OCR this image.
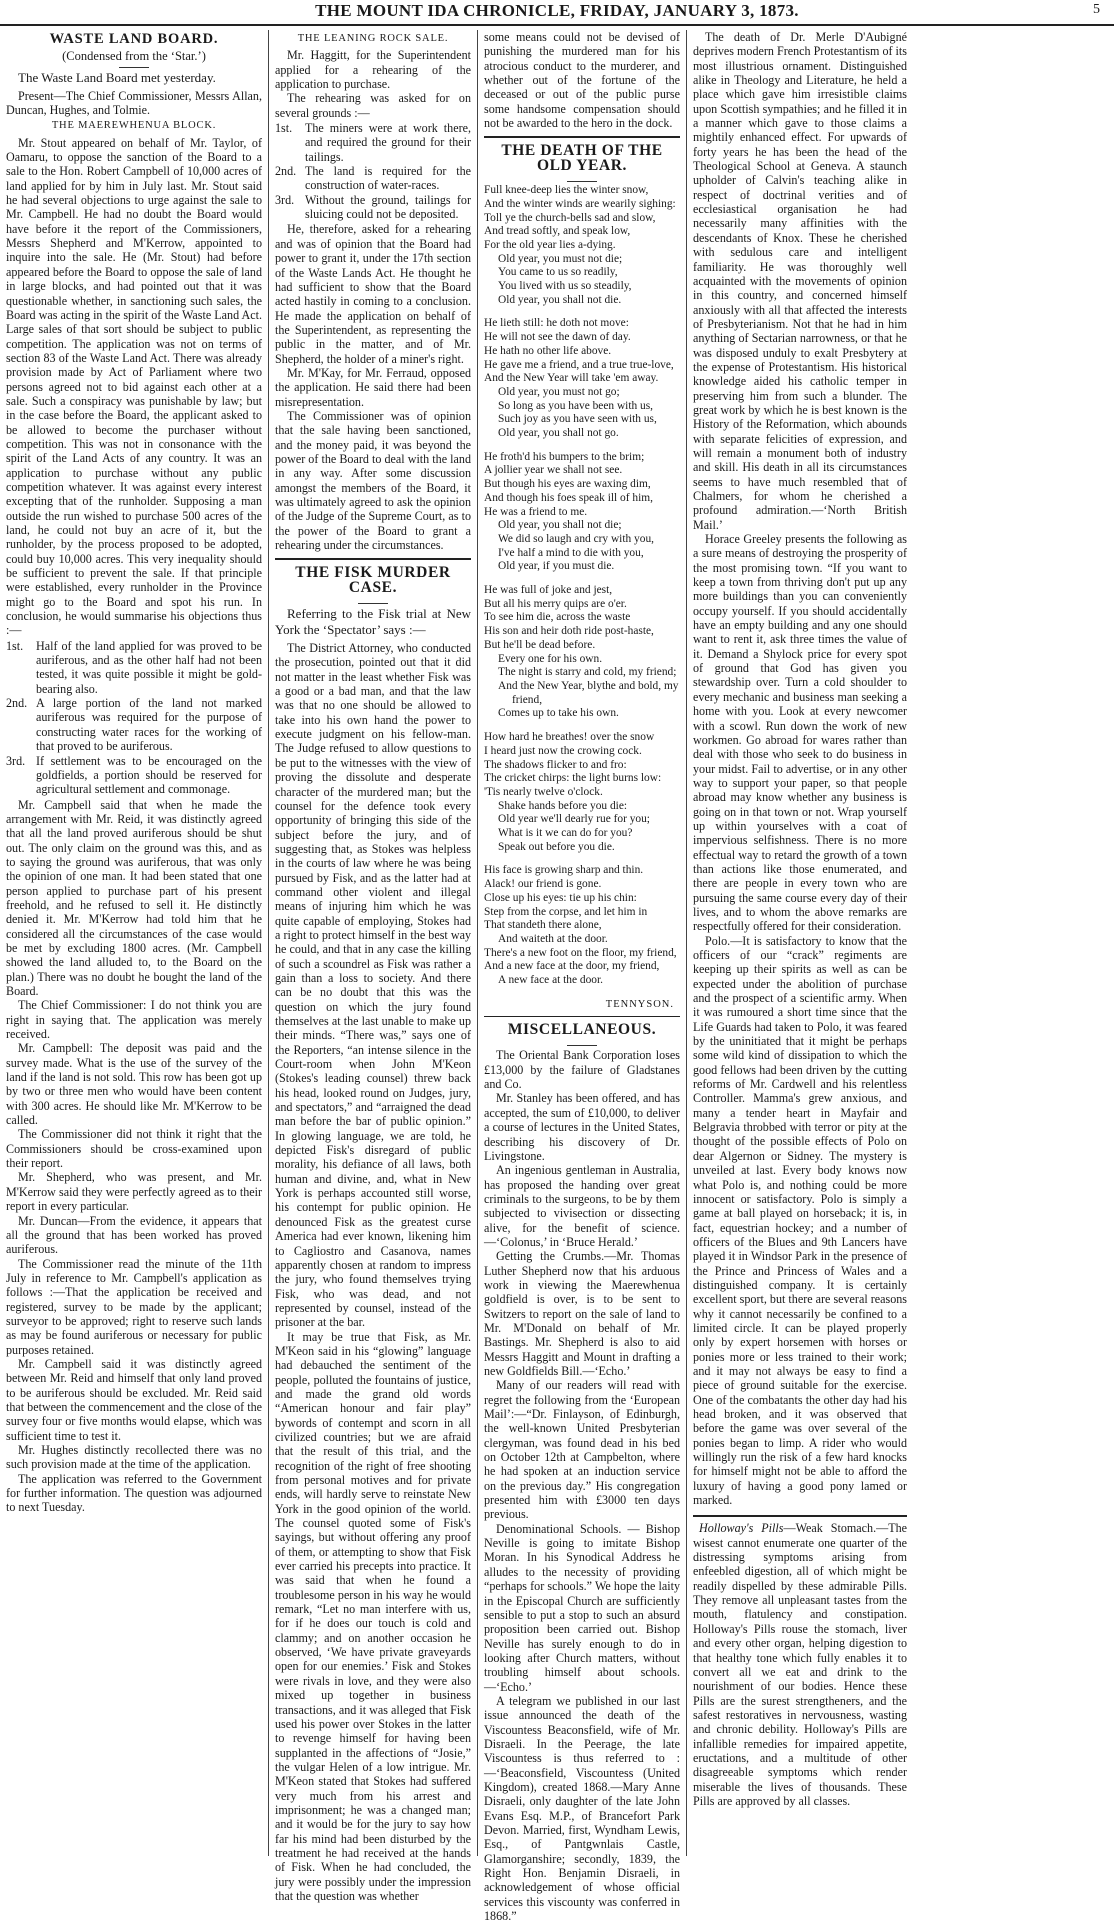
THE MOUNT IDA CHRONICLE, FRIDAY, JANUARY 3, 1873.	5
WASTE LAND BOARD.
(Condensed from the ‘Star.’)

The Waste Land Board met yesterday.

Present—The Chief Commissioner, Messrs Allan, Duncan, Hughes, and Tolmie.

THE MAEREWHENUA BLOCK.

Mr. Stout appeared on behalf of Mr. Taylor, of Oamaru, to oppose the sanction of the Board to a sale to the Hon. Robert Campbell of 10,000 acres of land applied for by him in July last. Mr. Stout said he had several objections to urge against the sale to Mr. Campbell. He had no doubt the Board would have before it the report of the Commissioners, Messrs Shepherd and M'Kerrow, appointed to inquire into the sale. He (Mr. Stout) had before appeared before the Board to oppose the sale of land in large blocks, and had pointed out that it was questionable whether, in sanctioning such sales, the Board was acting in the spirit of the Waste Land Act. Large sales of that sort should be subject to public competition. The application was not on terms of section 83 of the Waste Land Act. There was already provision made by Act of Parliament where two persons agreed not to bid against each other at a sale. Such a conspiracy was punishable by law; but in the case before the Board, the applicant asked to be allowed to become the purchaser without competition. This was not in consonance with the spirit of the Land Acts of any country. It was an application to purchase without any public competition whatever. It was against every interest excepting that of the runholder. Supposing a man outside the run wished to purchase 500 acres of the land, he could not buy an acre of it, but the runholder, by the process proposed to be adopted, could buy 10,000 acres. This very inequality should be sufficient to prevent the sale. If that principle were established, every runholder in the Province might go to the Board and spot his run. In conclusion, he would summarise his objections thus :—

1st. Half of the land applied for was proved to be auriferous, and as the other half had not been tested, it was quite possible it might be gold-bearing also.
2nd. A large portion of the land not marked auriferous was required for the purpose of constructing water races for the working of that proved to be auriferous.
3rd. If settlement was to be encouraged on the goldfields, a portion should be reserved for agricultural settlement and commonage.

Mr. Campbell said that when he made the arrangement with Mr. Reid, it was distinctly agreed that all the land proved auriferous should be shut out. The only claim on the ground was this, and as to saying the ground was auriferous, that was only the opinion of one man. It had been stated that one person applied to purchase part of his present freehold, and he refused to sell it. He distinctly denied it. Mr. M'Kerrow had told him that he considered all the circumstances of the case would be met by excluding 1800 acres. (Mr. Campbell showed the land alluded to, to the Board on the plan.) There was no doubt he bought the land of the Board.

The Chief Commissioner: I do not think you are right in saying that. The application was merely received.

Mr. Campbell: The deposit was paid and the survey made. What is the use of the survey of the land if the land is not sold. This row has been got up by two or three men who would have been content with 300 acres. He should like Mr. M'Kerrow to be called.

The Commissioner did not think it right that the Commissioners should be cross-examined upon their report.

Mr. Shepherd, who was present, and Mr. M'Kerrow said they were perfectly agreed as to their report in every particular.

Mr. Duncan—From the evidence, it appears that all the ground that has been worked has proved auriferous.

The Commissioner read the minute of the 11th July in reference to Mr. Campbell's application as follows :—That the application be received and registered, survey to be made by the applicant; surveyor to be approved; right to reserve such lands as may be found auriferous or necessary for public purposes retained.

Mr. Campbell said it was distinctly agreed between Mr. Reid and himself that only land proved to be auriferous should be excluded. Mr. Reid said that between the commencement and the close of the survey four or five months would elapse, which was sufficient time to test it.

Mr. Hughes distinctly recollected there was no such provision made at the time of the application.

The application was referred to the Government for further information. The question was adjourned to next Tuesday.

THE LEANING ROCK SALE.

Mr. Haggitt, for the Superintendent applied for a rehearing of the application to purchase.

The rehearing was asked for on several grounds :—

1st. The miners were at work there, and required the ground for their tailings.
2nd. The land is required for the construction of water-races.
3rd. Without the ground, tailings for sluicing could not be deposited.

He, therefore, asked for a rehearing and was of opinion that the Board had power to grant it, under the 17th section of the Waste Lands Act. He thought he had sufficient to show that the Board acted hastily in coming to a conclusion. He made the application on behalf of the Superintendent, as representing the public in the matter, and of Mr. Shepherd, the holder of a miner's right.

Mr. M'Kay, for Mr. Ferraud, opposed the application. He said there had been misrepresentation.

The Commissioner was of opinion that the sale having been sanctioned, and the money paid, it was beyond the power of the Board to deal with the land in any way. After some discussion amongst the members of the Board, it was ultimately agreed to ask the opinion of the Judge of the Supreme Court, as to the power of the Board to grant a rehearing under the circumstances.

THE FISK MURDER CASE.

Referring to the Fisk trial at New York the ‘Spectator’ says :—

The District Attorney, who conducted the prosecution, pointed out that it did not matter in the least whether Fisk was a good or a bad man, and that the law was that no one should be allowed to take into his own hand the power to execute judgment on his fellow-man. The Judge refused to allow questions to be put to the witnesses with the view of proving the dissolute and desperate character of the murdered man; but the counsel for the defence took every opportunity of bringing this side of the subject before the jury, and of suggesting that, as Stokes was helpless in the courts of law where he was being pursued by Fisk, and as the latter had at command other violent and illegal means of injuring him which he was quite capable of employing, Stokes had a right to protect himself in the best way he could, and that in any case the killing of such a scoundrel as Fisk was rather a gain than a loss to society. And there can be no doubt that this was the question on which the jury found themselves at the last unable to make up their minds. “There was,” says one of the Reporters, “an intense silence in the Court-room when John M'Keon (Stokes's leading counsel) threw back his head, looked round on Judges, jury, and spectators,” and “arraigned the dead man before the bar of public opinion.” In glowing language, we are told, he depicted Fisk's disregard of public morality, his defiance of all laws, both human and divine, and, what in New York is perhaps accounted still worse, his contempt for public opinion. He denounced Fisk as the greatest curse America had ever known, likening him to Cagliostro and Casanova, names apparently chosen at random to impress the jury, who found themselves trying Fisk, who was dead, and not represented by counsel, instead of the prisoner at the bar.

It may be true that Fisk, as Mr. M'Keon said in his “glowing” language had debauched the sentiment of the people, polluted the fountains of justice, and made the grand old words “American honour and fair play” bywords of contempt and scorn in all civilized countries; but we are afraid that the result of this trial, and the recognition of the right of free shooting from personal motives and for private ends, will hardly serve to reinstate New York in the good opinion of the world. The counsel quoted some of Fisk's sayings, but without offering any proof of them, or attempting to show that Fisk ever carried his precepts into practice. It was said that when he found a troublesome person in his way he would remark, “Let no man interfere with us, for if he does our touch is cold and clammy; and on another occasion he observed, ‘We have private graveyards open for our enemies.’ Fisk and Stokes were rivals in love, and they were also mixed up together in business transactions, and it was alleged that Fisk used his power over Stokes in the latter to revenge himself for having been supplanted in the affections of “Josie,” the vulgar Helen of a low intrigue. Mr. M'Keon stated that Stokes had suffered very much from his arrest and imprisonment; he was a changed man; and it would be for the jury to say how far his mind had been disturbed by the treatment he had received at the hands of Fisk. When he had concluded, the jury were possibly under the impression that the question was whether

some means could not be devised of punishing the murdered man for his atrocious conduct to the murderer, and whether out of the fortune of the deceased or out of the public purse some handsome compensation should not be awarded to the hero in the dock.

THE DEATH OF THE OLD YEAR.
Full knee-deep lies the winter snow,
And the winter winds are wearily sighing:
Toll ye the church-bells sad and slow,
And tread softly, and speak low,
For the old year lies a-dying.
Old year, you must not die;
You came to us so readily,
You lived with us so steadily,
Old year, you shall not die.
He lieth still: he doth not move:
He will not see the dawn of day.
He hath no other life above.
He gave me a friend, and a true true-love,
And the New Year will take 'em away.
Old year, you must not go;
So long as you have been with us,
Such joy as you have seen with us,
Old year, you shall not go.
He froth'd his bumpers to the brim;
A jollier year we shall not see.
But though his eyes are waxing dim,
And though his foes speak ill of him,
He was a friend to me.
Old year, you shall not die;
We did so laugh and cry with you,
I've half a mind to die with you,
Old year, if you must die.
He was full of joke and jest,
But all his merry quips are o'er.
To see him die, across the waste
His son and heir doth ride post-haste,
But he'll be dead before.
Every one for his own.
The night is starry and cold, my friend;
And the New Year, blythe and bold, my
friend,
Comes up to take his own.
How hard he breathes! over the snow
I heard just now the crowing cock.
The shadows flicker to and fro:
The cricket chirps: the light burns low:
'Tis nearly twelve o'clock.
Shake hands before you die:
Old year we'll dearly rue for you;
What is it we can do for you?
Speak out before you die.
His face is growing sharp and thin.
Alack! our friend is gone.
Close up his eyes: tie up his chin:
Step from the corpse, and let him in
That standeth there alone,
And waiteth at the door.
There's a new foot on the floor, my friend,
And a new face at the door, my friend,
A new face at the door.
TENNYSON.
MISCELLANEOUS.

The Oriental Bank Corporation loses £13,000 by the failure of Gladstanes and Co.

Mr. Stanley has been offered, and has accepted, the sum of £10,000, to deliver a course of lectures in the United States, describing his discovery of Dr. Livingstone.

An ingenious gentleman in Australia, has proposed the handing over great criminals to the surgeons, to be by them subjected to vivisection or dissecting alive, for the benefit of science.—‘Colonus,’ in ‘Bruce Herald.’

Getting the Crumbs.—Mr. Thomas Luther Shepherd now that his arduous work in viewing the Maerewhenua goldfield is over, is to be sent to Switzers to report on the sale of land to Mr. M'Donald on behalf of Mr. Bastings. Mr. Shepherd is also to aid Messrs Haggitt and Mount in drafting a new Goldfields Bill.—‘Echo.’

Many of our readers will read with regret the following from the ‘European Mail’:—“Dr. Finlayson, of Edinburgh, the well-known United Presbyterian clergyman, was found dead in his bed on October 12th at Campbelton, where he had spoken at an induction service on the previous day.” His congregation presented him with £3000 ten days previous.

Denominational Schools. — Bishop Neville is going to imitate Bishop Moran. In his Synodical Address he alludes to the necessity of providing “perhaps for schools.” We hope the laity in the Episcopal Church are sufficiently sensible to put a stop to such an absurd proposition been carried out. Bishop Neville has surely enough to do in looking after Church matters, without troubling himself about schools.—‘Echo.’

A telegram we published in our last issue announced the death of the Viscountess Beaconsfield, wife of Mr. Disraeli. In the Peerage, the late Viscountess is thus referred to :—‘Beaconsfield, Viscountess (United Kingdom), created 1868.—Mary Anne Disraeli, only daughter of the late John Evans Esq. M.P., of Brancefort Park Devon. Married, first, Wyndham Lewis, Esq., of Pantgwnlais Castle, Glamorganshire; secondly, 1839, the Right Hon. Benjamin Disraeli, in acknowledgement of whose official services this viscounty was conferred in 1868.”

The death of Dr. Merle D'Aubigné deprives modern French Protestantism of its most illustrious ornament. Distinguished alike in Theology and Literature, he held a place which gave him irresistible claims upon Scottish sympathies; and he filled it in a manner which gave to those claims a mightily enhanced effect. For upwards of forty years he has been the head of the Theological School at Geneva. A staunch upholder of Calvin's teaching alike in respect of doctrinal verities and of ecclesiastical organisation he had necessarily many affinities with the descendants of Knox. These he cherished with sedulous care and intelligent familiarity. He was thoroughly well acquainted with the movements of opinion in this country, and concerned himself anxiously with all that affected the interests of Presbyterianism. Not that he had in him anything of Sectarian narrowness, or that he was disposed unduly to exalt Presbytery at the expense of Protestantism. His historical knowledge aided his catholic temper in preserving him from such a blunder. The great work by which he is best known is the History of the Reformation, which abounds with separate felicities of expression, and will remain a monument both of industry and skill. His death in all its circumstances seems to have much resembled that of Chalmers, for whom he cherished a profound admiration.—‘North British Mail.’

Horace Greeley presents the following as a sure means of destroying the prosperity of the most promising town. “If you want to keep a town from thriving don't put up any more buildings than you can conveniently occupy yourself. If you should accidentally have an empty building and any one should want to rent it, ask three times the value of it. Demand a Shylock price for every spot of ground that God has given you stewardship over. Turn a cold shoulder to every mechanic and business man seeking a home with you. Look at every newcomer with a scowl. Run down the work of new workmen. Go abroad for wares rather than deal with those who seek to do business in your midst. Fail to advertise, or in any other way to support your paper, so that people abroad may know whether any business is going on in that town or not. Wrap yourself up within yourselves with a coat of impervious selfishness. There is no more effectual way to retard the growth of a town than actions like those enumerated, and there are people in every town who are pursuing the same course every day of their lives, and to whom the above remarks are respectfully offered for their consideration.

Polo.—It is satisfactory to know that the officers of our “crack” regiments are keeping up their spirits as well as can be expected under the abolition of purchase and the prospect of a scientific army. When it was rumoured a short time since that the Life Guards had taken to Polo, it was feared by the uninitiated that it might be perhaps some wild kind of dissipation to which the good fellows had been driven by the cutting reforms of Mr. Cardwell and his relentless Controller. Mamma's grew anxious, and many a tender heart in Mayfair and Belgravia throbbed with terror or pity at the thought of the possible effects of Polo on dear Algernon or Sidney. The mystery is unveiled at last. Every body knows now what Polo is, and nothing could be more innocent or satisfactory. Polo is simply a game at ball played on horseback; it is, in fact, equestrian hockey; and a number of officers of the Blues and 9th Lancers have played it in Windsor Park in the presence of the Prince and Princess of Wales and a distinguished company. It is certainly excellent sport, but there are several reasons why it cannot necessarily be confined to a limited circle. It can be played properly only by expert horsemen with horses or ponies more or less trained to their work; and it may not always be easy to find a piece of ground suitable for the exercise. One of the combatants the other day had his head broken, and it was observed that before the game was over several of the ponies began to limp. A rider who would willingly run the risk of a few hard knocks for himself might not be able to afford the luxury of having a good pony lamed or marked.

Holloway's Pills—Weak Stomach.—The wisest cannot enumerate one quarter of the distressing symptoms arising from enfeebled digestion, all of which might be readily dispelled by these admirable Pills. They remove all unpleasant tastes from the mouth, flatulency and constipation. Holloway's Pills rouse the stomach, liver and every other organ, helping digestion to that healthy tone which fully enables it to convert all we eat and drink to the nourishment of our bodies. Hence these Pills are the surest strengtheners, and the safest restoratives in nervousness, wasting and chronic debility. Holloway's Pills are infallible remedies for impaired appetite, eructations, and a multitude of other disagreeable symptoms which render miserable the lives of thousands. These Pills are approved by all classes.
